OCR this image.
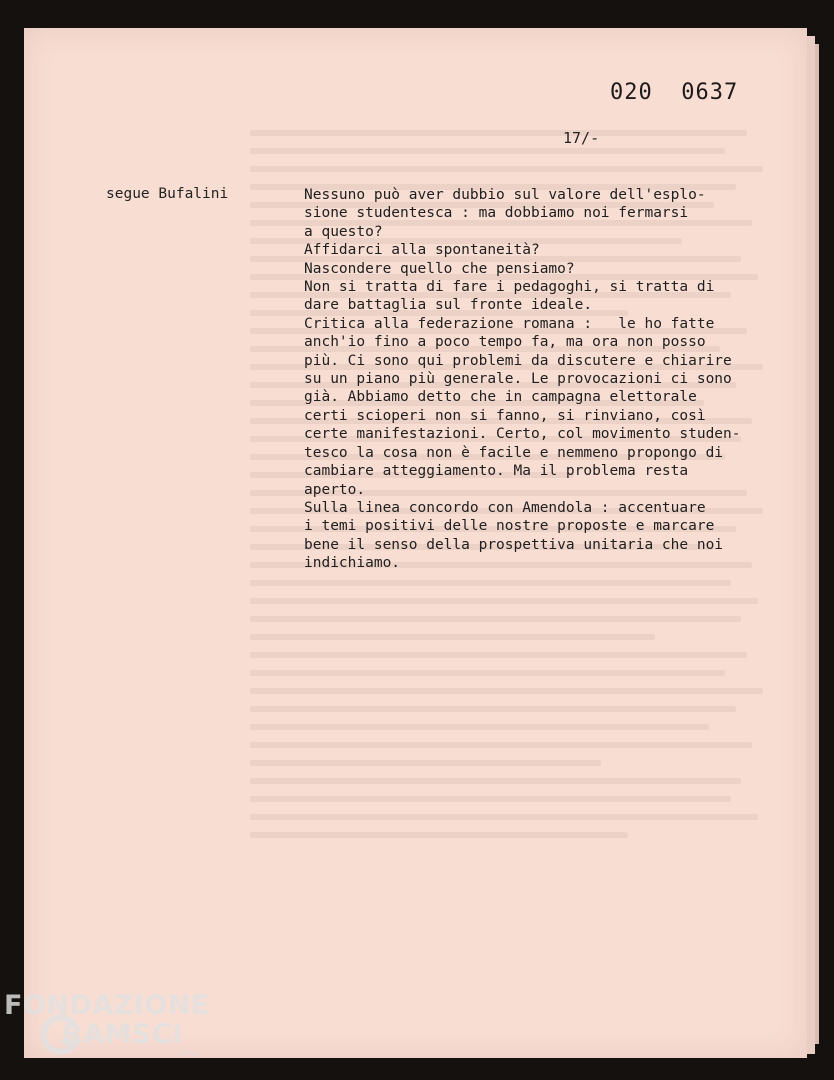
020  0637
17/-
segue Bufalini	Nessuno può aver dubbio sul valore dell'esplo-
sione studentesca : ma dobbiamo noi fermarsi
a questo?
Affidarci alla spontaneità?
Nascondere quello che pensiamo?
Non si tratta di fare i pedagoghi, si tratta di
dare battaglia sul fronte ideale.
Critica alla federazione romana :   le ho fatte
anch'io fino a poco tempo fa, ma ora non posso
più. Ci sono qui problemi da discutere e chiarire
su un piano più generale. Le provocazioni ci sono
già. Abbiamo detto che in campagna elettorale
certi scioperi non si fanno, si rinviano, così
certe manifestazioni. Certo, col movimento studen-
tesco la cosa non è facile e nemmeno propongo di
cambiare atteggiamento. Ma il problema resta
aperto.
Sulla linea concordo con Amendola : accentuare
i temi positivi delle nostre proposte e marcare
bene il senso della prospettiva unitaria che noi
indichiamo.
FONDAZIONE
RAMSCI
onlus
